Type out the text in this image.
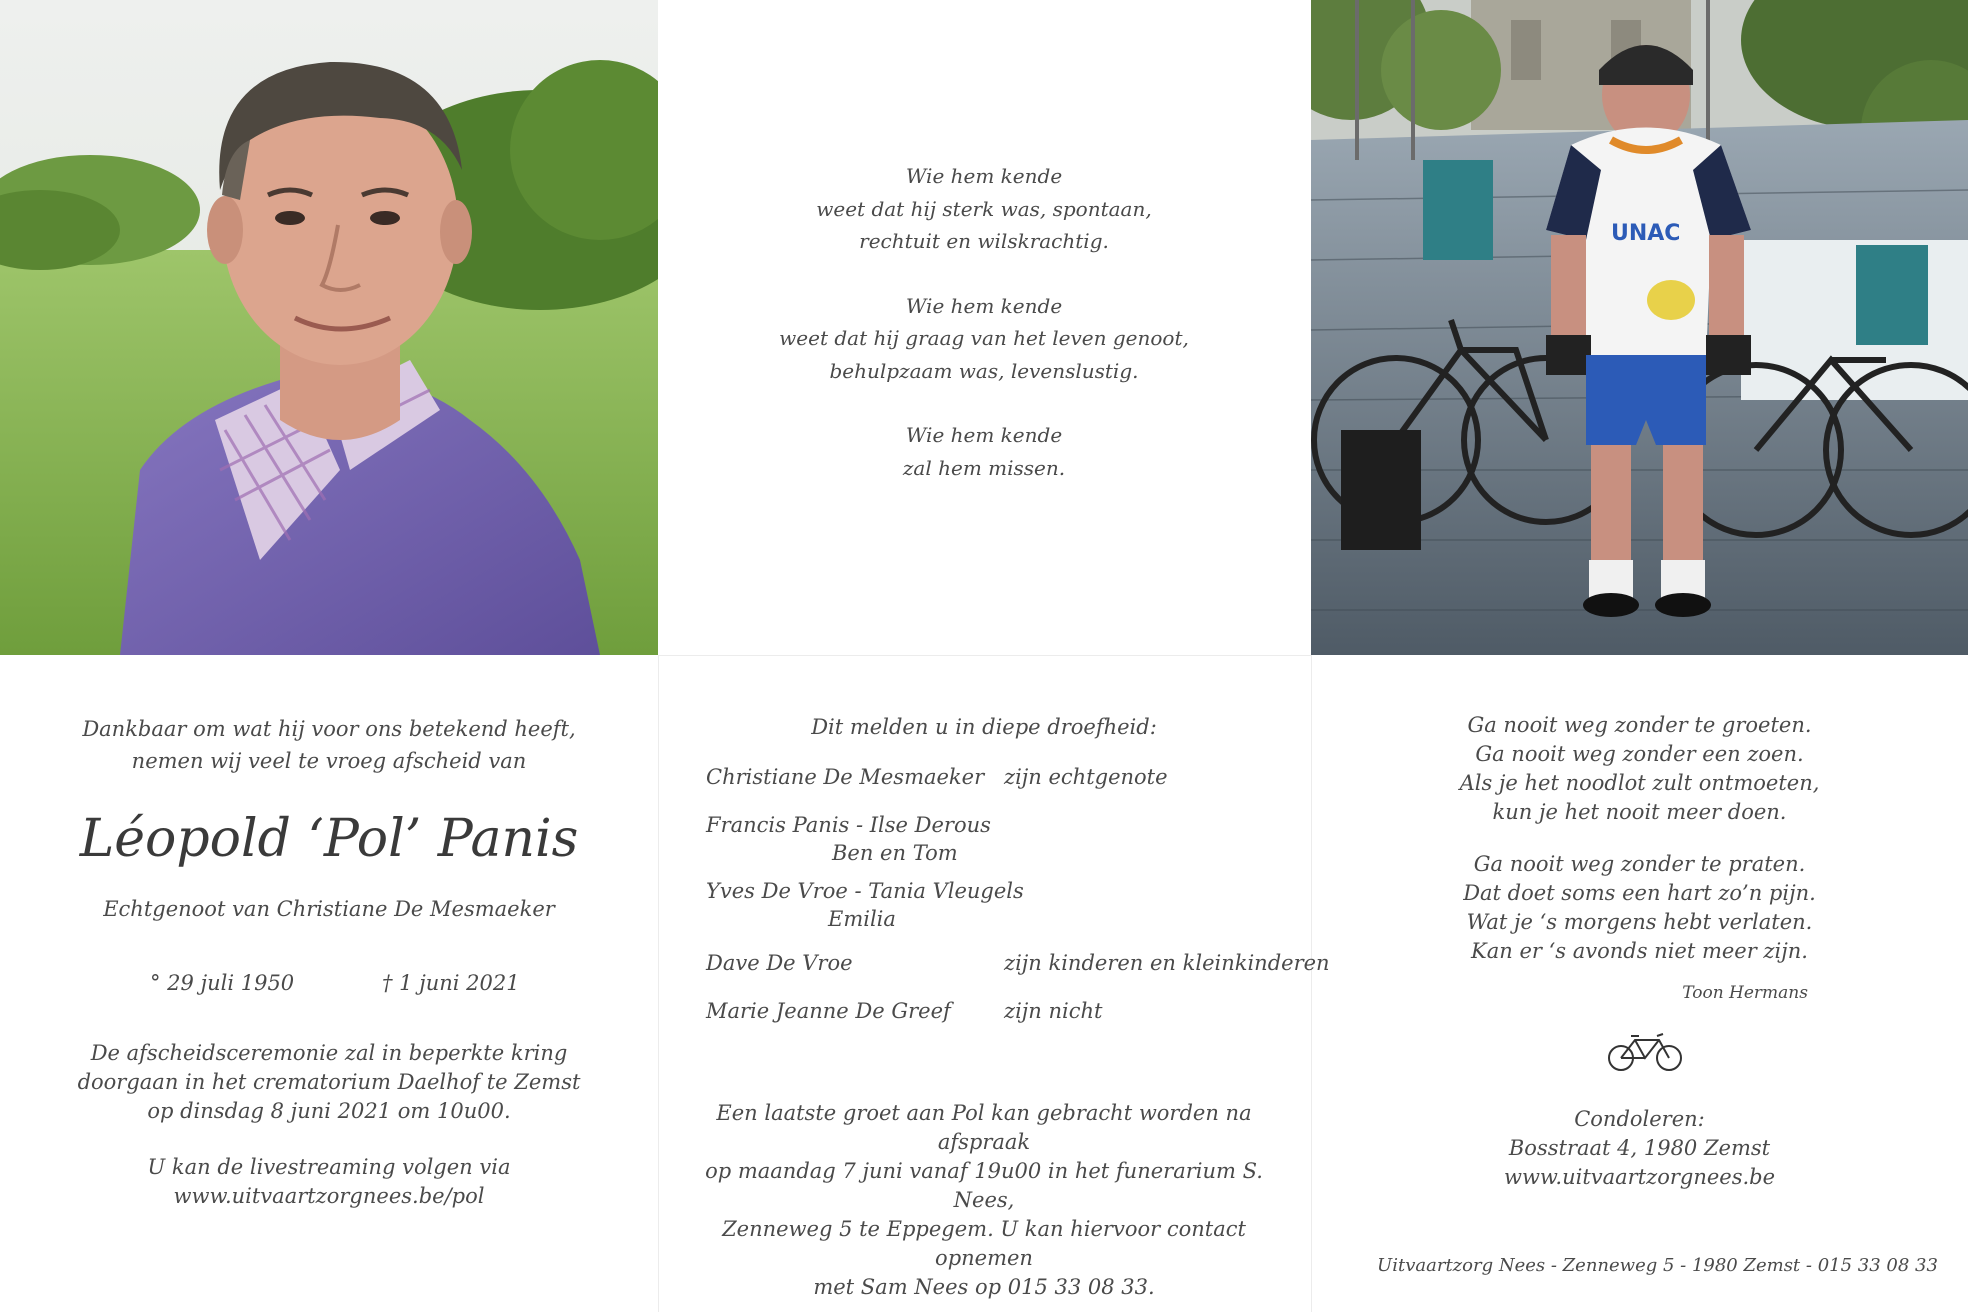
Wie hem kende
weet dat hij sterk was, spontaan,
rechtuit en wilskrachtig.
Wie hem kende
weet dat hij graag van het leven genoot,
behulpzaam was, levenslustig.
Wie hem kende
zal hem missen.
UNAC
Dankbaar om wat hij voor ons betekend heeft,
nemen wij veel te vroeg afscheid van
Léopold ‘Pol’ Panis
Echtgenoot van Christiane De Mesmaeker
° 29 juli 1950	† 1 juni 2021
De afscheidsceremonie zal in beperkte kring
doorgaan in het crematorium Daelhof te Zemst
op dinsdag 8 juni 2021 om 10u00.
U kan de livestreaming volgen via
www.uitvaartzorgnees.be/pol
Dit melden u in diepe droefheid:
Christiane De Mesmaeker zijn echtgenote
Francis Panis - Ilse Derous
Ben en Tom
Yves De Vroe - Tania Vleugels
Emilia
Dave De Vroe	zijn kinderen en kleinkinderen
Marie Jeanne De Greef	zijn nicht
Een laatste groet aan Pol kan gebracht worden na afspraak
op maandag 7 juni vanaf 19u00 in het funerarium S. Nees,
Zenneweg 5 te Eppegem. U kan hiervoor contact opnemen
met Sam Nees op 015 33 08 33.
Ga nooit weg zonder te groeten.
Ga nooit weg zonder een zoen.
Als je het noodlot zult ontmoeten,
kun je het nooit meer doen.
Ga nooit weg zonder te praten.
Dat doet soms een hart zo’n pijn.
Wat je ‘s morgens hebt verlaten.
Kan er ‘s avonds niet meer zijn.
Toon Hermans
Condoleren:
Bosstraat 4, 1980 Zemst
www.uitvaartzorgnees.be
Uitvaartzorg Nees - Zenneweg 5 - 1980 Zemst - 015 33 08 33
